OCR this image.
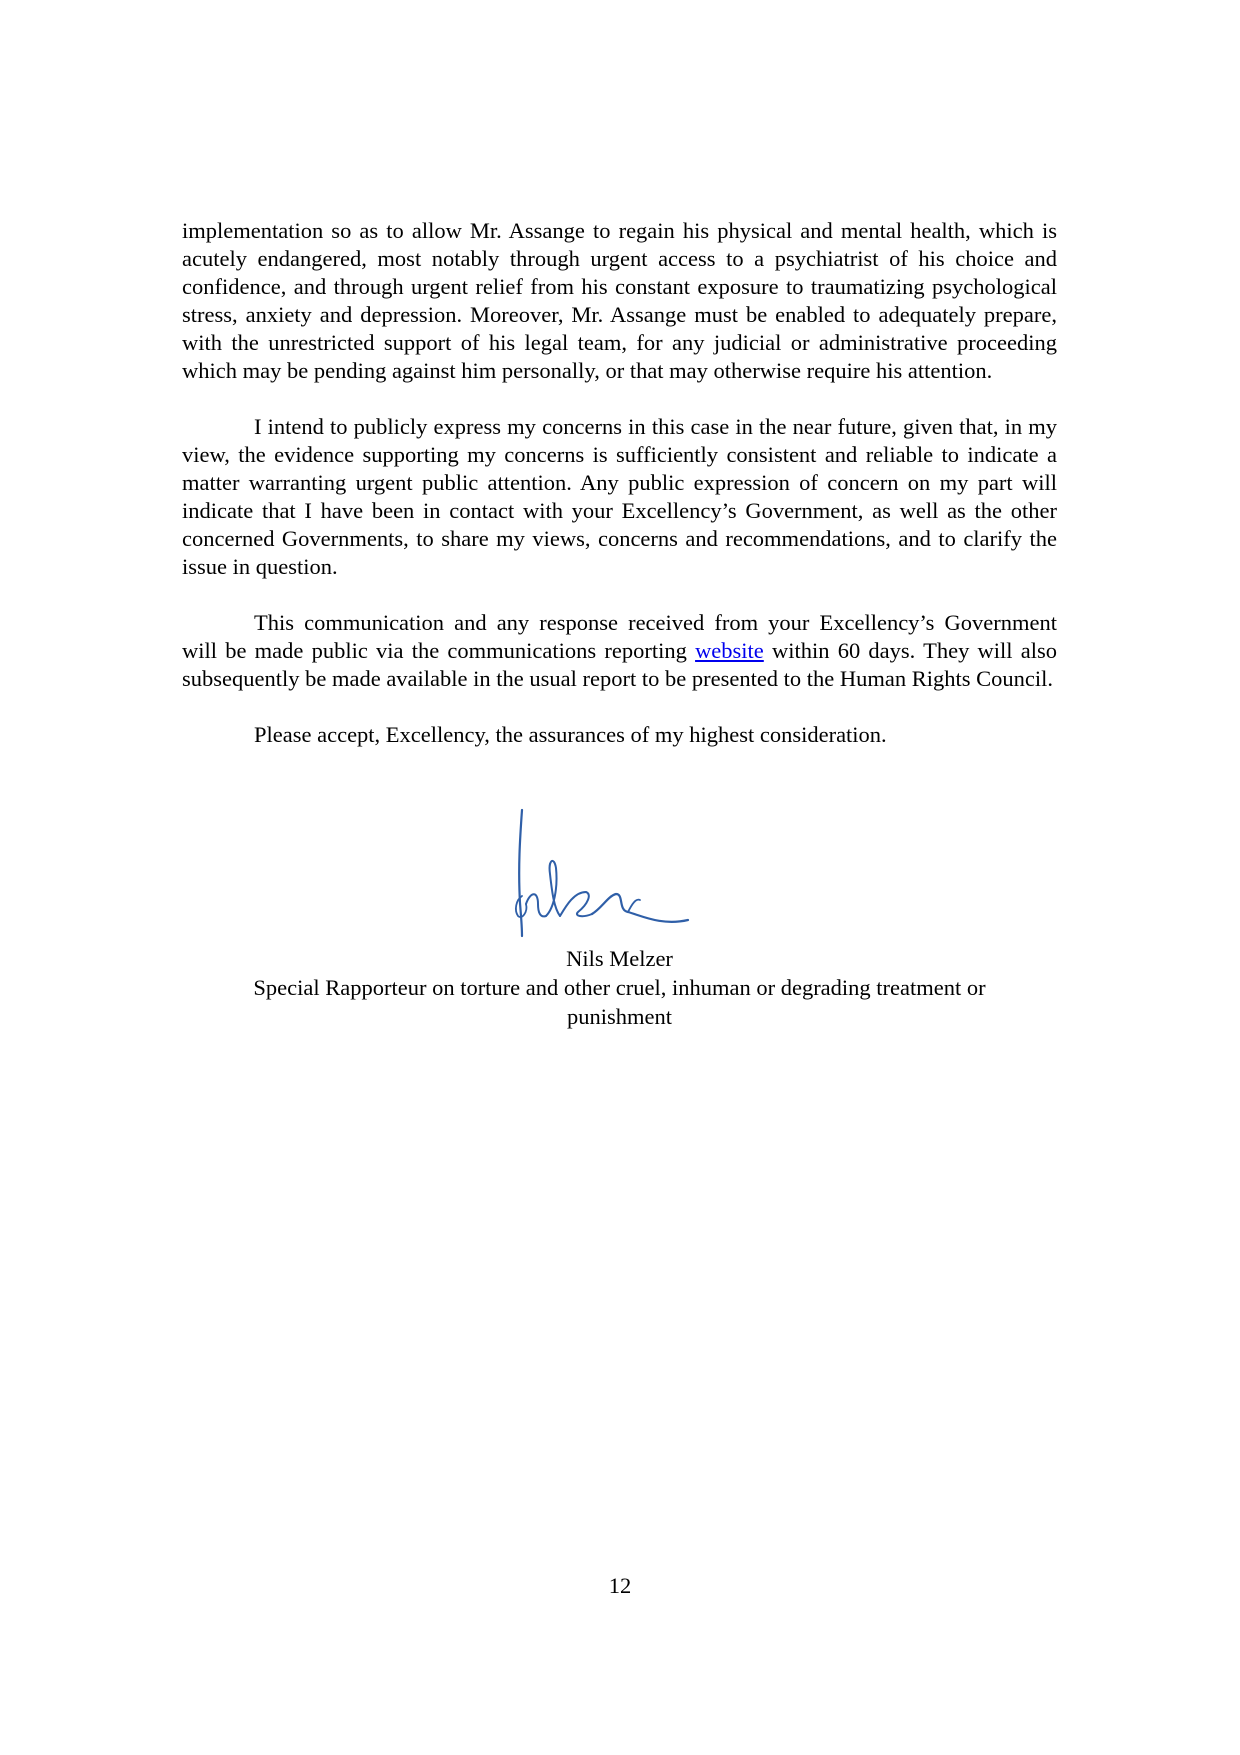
implementation so as to allow Mr. Assange to regain his physical and mental health, which is acutely endangered, most notably through urgent access to a psychiatrist of his choice and confidence, and through urgent relief from his constant exposure to traumatizing psychological stress, anxiety and depression. Moreover, Mr. Assange must be enabled to adequately prepare, with the unrestricted support of his legal team, for any judicial or administrative proceeding which may be pending against him personally, or that may otherwise require his attention.

I intend to publicly express my concerns in this case in the near future, given that, in my view, the evidence supporting my concerns is sufficiently consistent and reliable to indicate a matter warranting urgent public attention. Any public expression of concern on my part will indicate that I have been in contact with your Excellency’s Government, as well as the other concerned Governments, to share my views, concerns and recommendations, and to clarify the issue in question.

This communication and any response received from your Excellency’s Government will be made public via the communications reporting website within 60 days. They will also subsequently be made available in the usual report to be presented to the Human Rights Council.

Please accept, Excellency, the assurances of my highest consideration.

Nils Melzer
Special Rapporteur on torture and other cruel, inhuman or degrading treatment or punishment
12
